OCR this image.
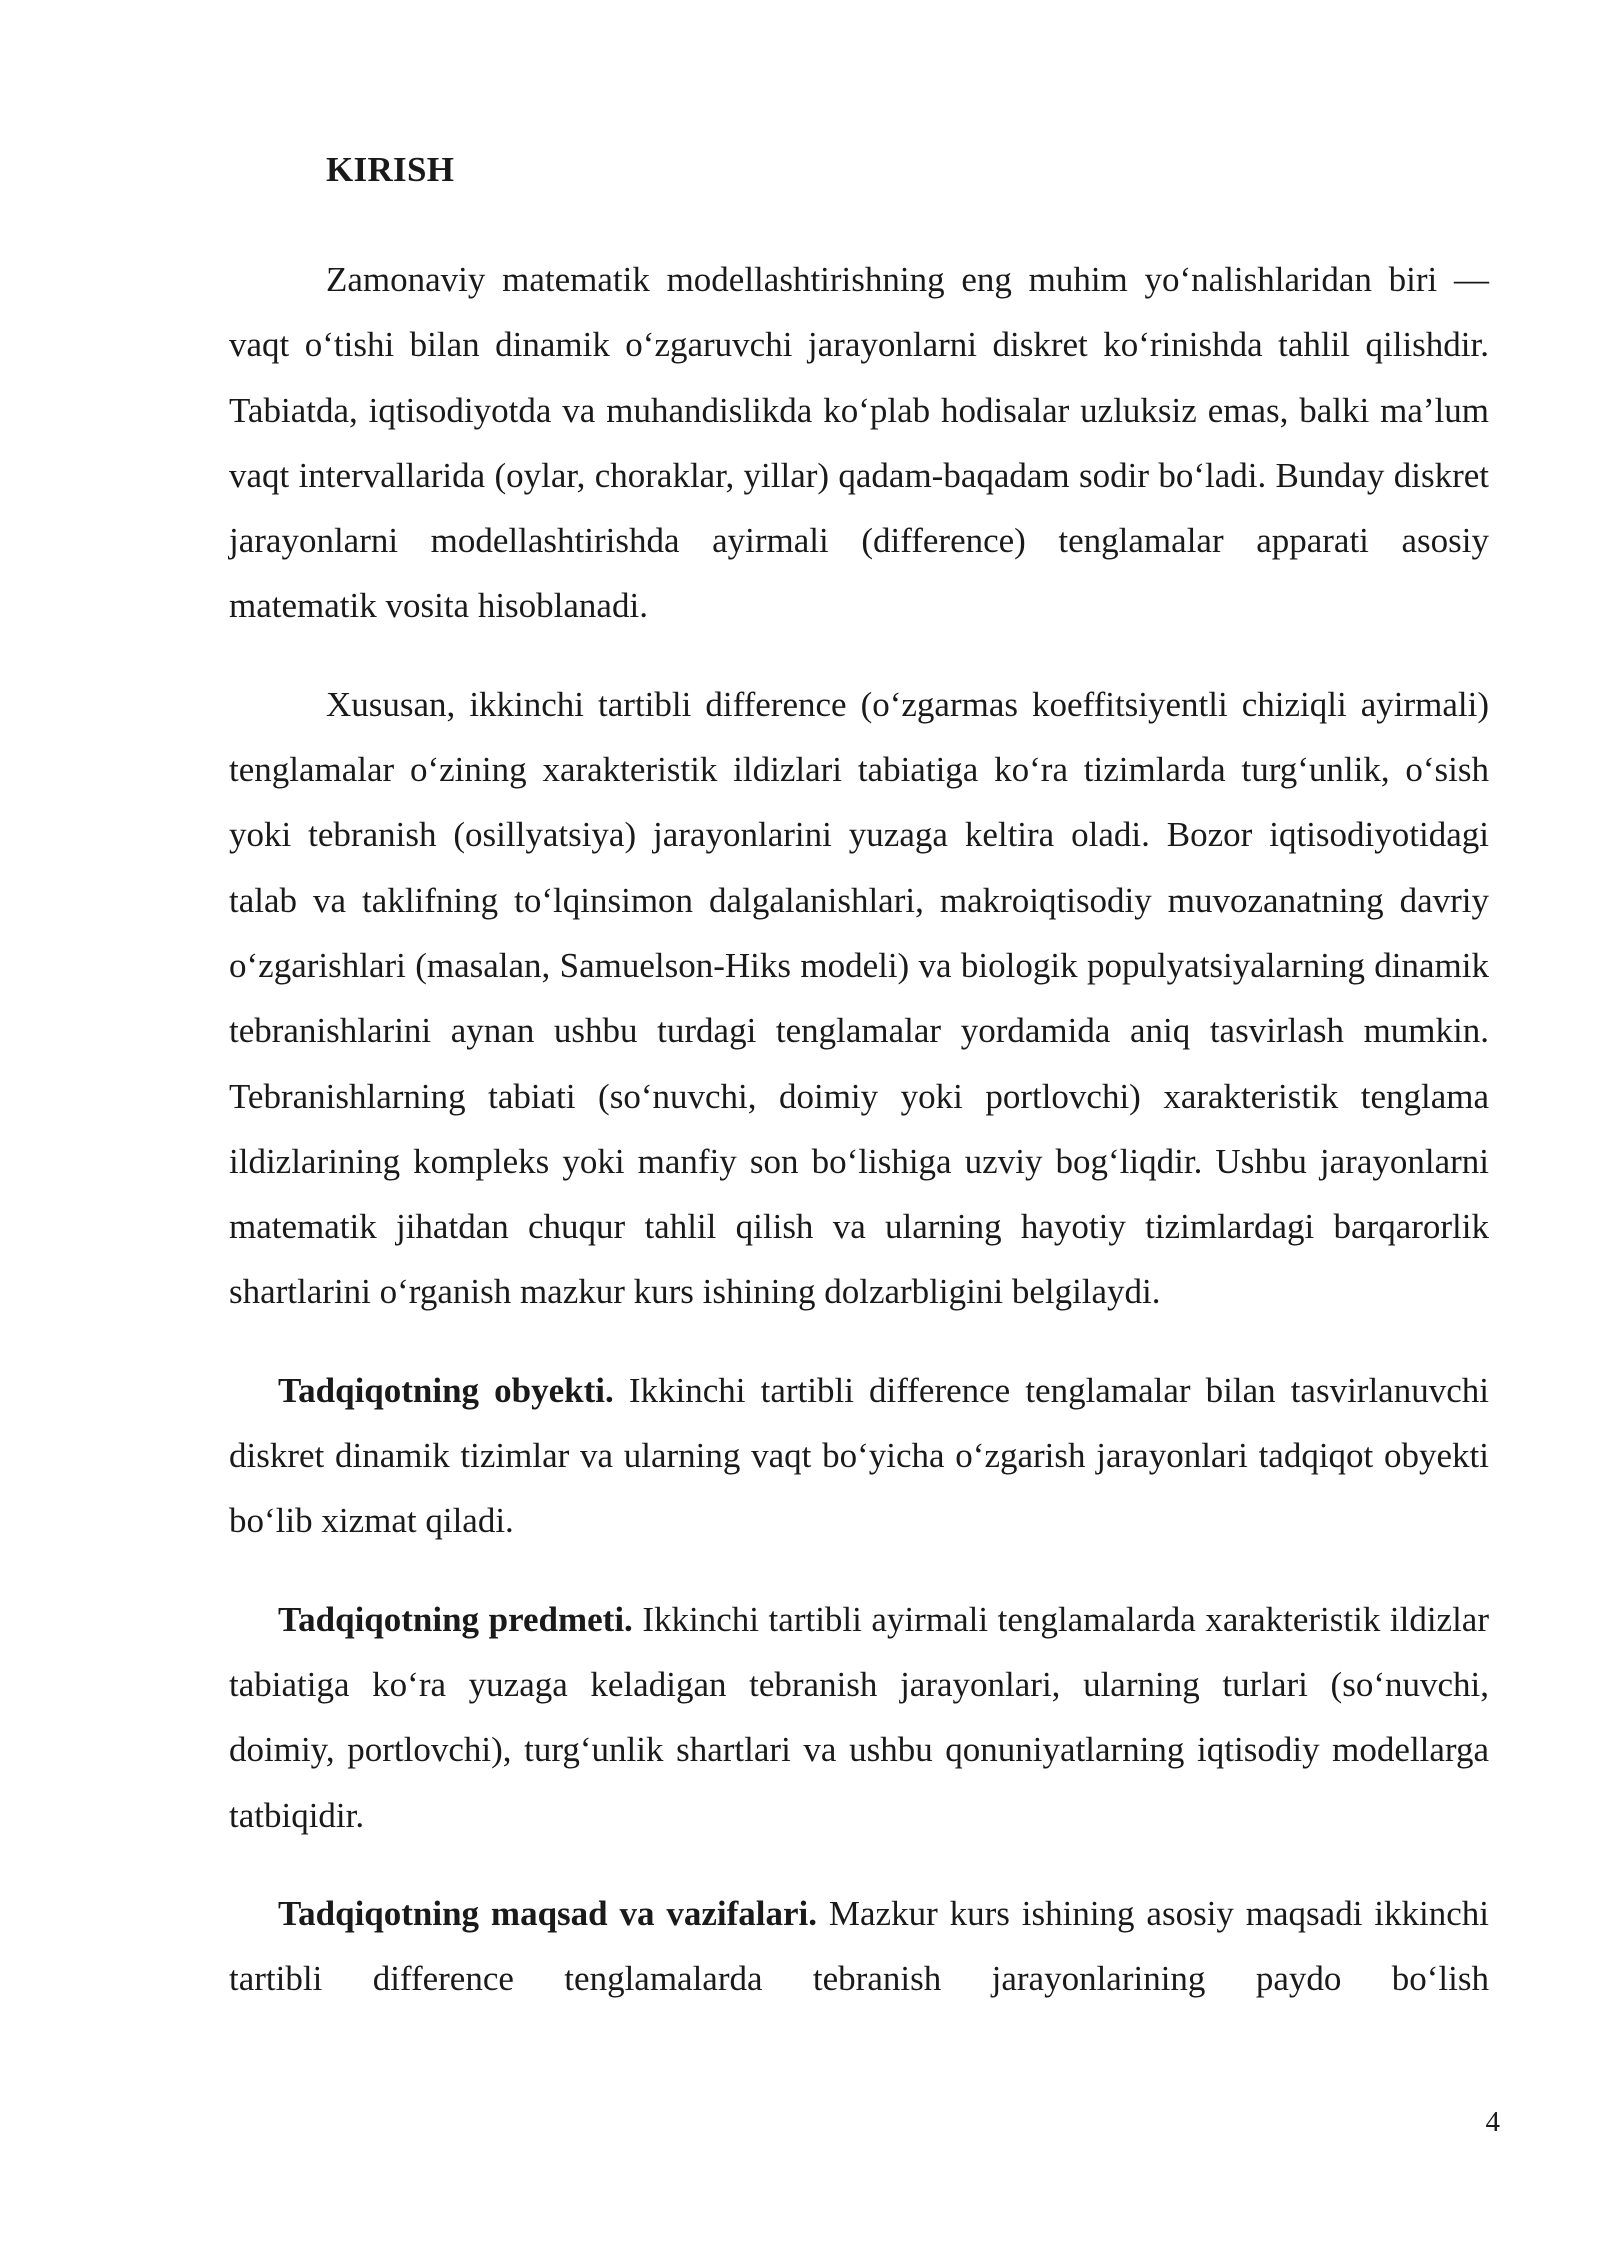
KIRISH

Zamonaviy matematik modellashtirishning eng muhim yo‘nalishlaridan biri — vaqt o‘tishi bilan dinamik o‘zgaruvchi jarayonlarni diskret ko‘rinishda tahlil qilishdir. Tabiatda, iqtisodiyotda va muhandislikda ko‘plab hodisalar uzluksiz emas, balki ma’lum vaqt intervallarida (oylar, choraklar, yillar) qadam-baqadam sodir bo‘ladi. Bunday diskret jarayonlarni modellashtirishda ayirmali (difference) tenglamalar apparati asosiy matematik vosita hisoblanadi.

Xususan, ikkinchi tartibli difference (o‘zgarmas koeffitsiyentli chiziqli ayirmali) tenglamalar o‘zining xarakteristik ildizlari tabiatiga ko‘ra tizimlarda turg‘unlik, o‘sish yoki tebranish (osillyatsiya) jarayonlarini yuzaga keltira oladi. Bozor iqtisodiyotidagi talab va taklifning to‘lqinsimon dalgalanishlari, makroiqtisodiy muvozanatning davriy o‘zgarishlari (masalan, Samuelson-Hiks modeli) va biologik populyatsiyalarning dinamik tebranishlarini aynan ushbu turdagi tenglamalar yordamida aniq tasvirlash mumkin. Tebranishlarning tabiati (so‘nuvchi, doimiy yoki portlovchi) xarakteristik tenglama ildizlarining kompleks yoki manfiy son bo‘lishiga uzviy bog‘liqdir. Ushbu jarayonlarni matematik jihatdan chuqur tahlil qilish va ularning hayotiy tizimlardagi barqarorlik shartlarini o‘rganish mazkur kurs ishining dolzarbligini belgilaydi.

Tadqiqotning obyekti. Ikkinchi tartibli difference tenglamalar bilan tasvirlanuvchi diskret dinamik tizimlar va ularning vaqt bo‘yicha o‘zgarish jarayonlari tadqiqot obyekti bo‘lib xizmat qiladi.

Tadqiqotning predmeti. Ikkinchi tartibli ayirmali tenglamalarda xarakteristik ildizlar tabiatiga ko‘ra yuzaga keladigan tebranish jarayonlari, ularning turlari (so‘nuvchi, doimiy, portlovchi), turg‘unlik shartlari va ushbu qonuniyatlarning iqtisodiy modellarga tatbiqidir.

Tadqiqotning maqsad va vazifalari. Mazkur kurs ishining asosiy maqsadi ikkinchi tartibli difference tenglamalarda tebranish jarayonlarining paydo bo‘lish

4
